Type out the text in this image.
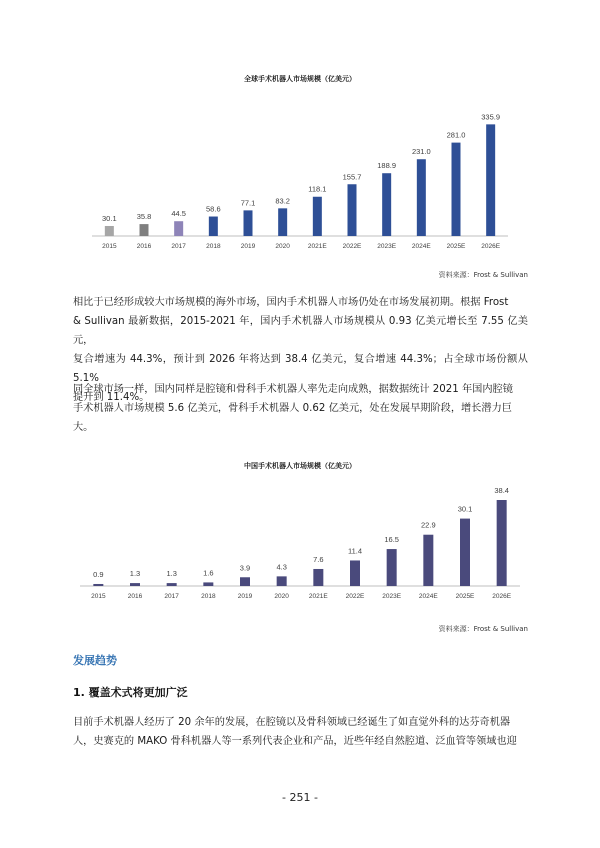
全球手术机器人市场规模（亿美元）
30.1
2015
35.8
2016
44.5
2017
58.6
2018
77.1
2019
83.2
2020
118.1
2021E
155.7
2022E
188.9
2023E
231.0
2024E
281.0
2025E
335.9
2026E
资料来源：Frost & Sullivan
相比于已经形成较大市场规模的海外市场，国内手术机器人市场仍处在市场发展初期。根据 Frost
& Sullivan 最新数据，2015-2021 年，国内手术机器人市场规模从 0.93 亿美元增长至 7.55 亿美元，
复合增速为 44.3%，预计到 2026 年将达到 38.4 亿美元，复合增速 44.3%；占全球市场份额从 5.1%
提升到 11.4%。
同全球市场一样，国内同样是腔镜和骨科手术机器人率先走向成熟，据数据统计 2021 年国内腔镜
手术机器人市场规模 5.6 亿美元，骨科手术机器人 0.62 亿美元，处在发展早期阶段，增长潜力巨
大。
中国手术机器人市场规模（亿美元）
0.9
2015
1.3
2016
1.3
2017
1.6
2018
3.9
2019
4.3
2020
7.6
2021E
11.4
2022E
16.5
2023E
22.9
2024E
30.1
2025E
38.4
2026E
资料来源：Frost & Sullivan
发展趋势
1. 覆盖术式将更加广泛
目前手术机器人经历了 20 余年的发展，在腔镜以及骨科领域已经诞生了如直觉外科的达芬奇机器
人，史赛克的 MAKO 骨科机器人等一系列代表企业和产品，近些年经自然腔道、泛血管等领域也迎
- 251 -
